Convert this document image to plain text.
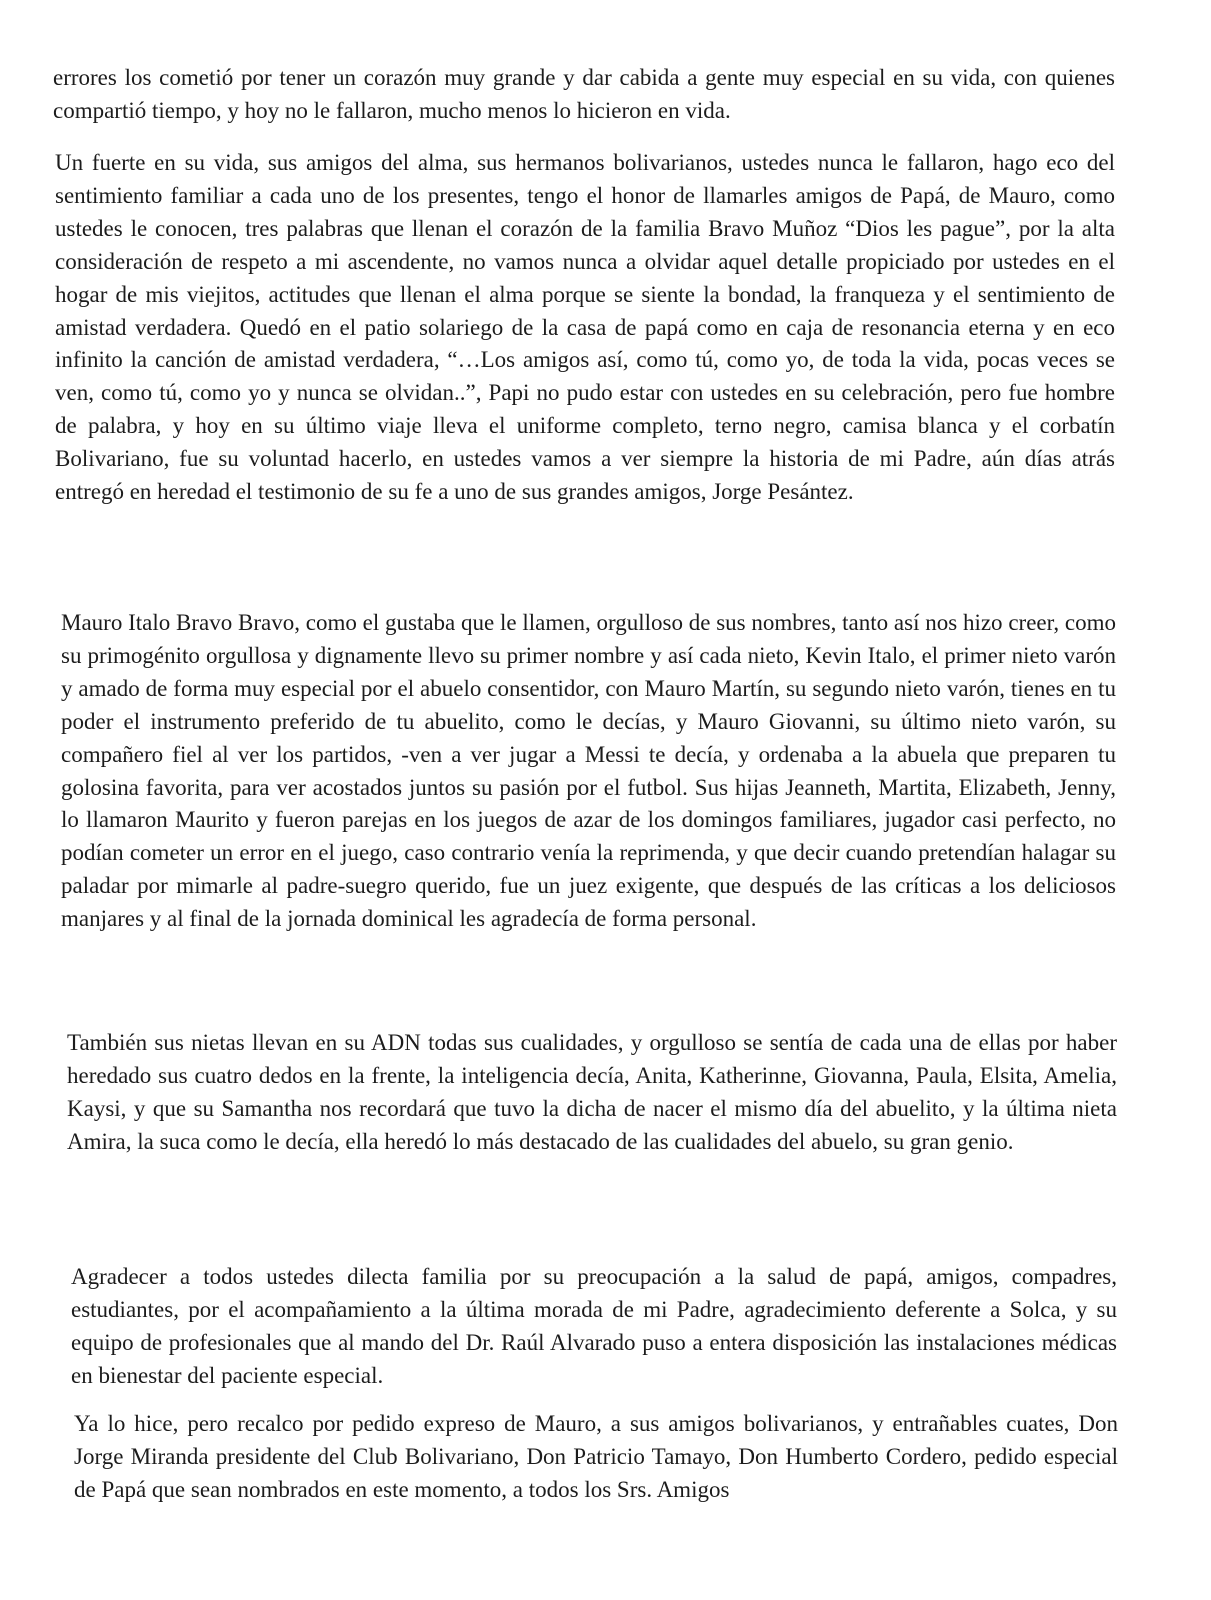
errores los cometió por tener un corazón muy grande y dar cabida a gente muy especial en su vida, con quienes compartió tiempo, y hoy no le fallaron, mucho menos lo hicieron en vida.

Un fuerte en su vida, sus amigos del alma, sus hermanos bolivarianos, ustedes nunca le fallaron, hago eco del sentimiento familiar a cada uno de los presentes, tengo el honor de llamarles amigos de Papá, de Mauro, como ustedes le conocen, tres palabras que llenan el corazón de la familia Bravo Muñoz “Dios les pague”, por la alta consideración de respeto a mi ascendente, no vamos nunca a olvidar aquel detalle propiciado por ustedes en el hogar de mis viejitos, actitudes que llenan el alma porque se siente la bondad, la franqueza y el sentimiento de amistad verdadera. Quedó en el patio solariego de la casa de papá como en caja de resonancia eterna y en eco infinito la canción de amistad verdadera, “…Los amigos así, como tú, como yo, de toda la vida, pocas veces se ven, como tú, como yo y nunca se olvidan..”, Papi no pudo estar con ustedes en su celebración, pero fue hombre de palabra, y hoy en su último viaje lleva el uniforme completo, terno negro, camisa blanca y el corbatín Bolivariano, fue su voluntad hacerlo, en ustedes vamos a ver siempre la historia de mi Padre, aún días atrás entregó en heredad el testimonio de su fe a uno de sus grandes amigos, Jorge Pesántez.

Mauro Italo Bravo Bravo, como el gustaba que le llamen, orgulloso de sus nombres, tanto así nos hizo creer, como su primogénito orgullosa y dignamente llevo su primer nombre y así cada nieto, Kevin Italo, el primer nieto varón y amado de forma muy especial por el abuelo consentidor, con Mauro Martín, su segundo nieto varón, tienes en tu poder el instrumento preferido de tu abuelito, como le decías, y Mauro Giovanni, su último nieto varón, su compañero fiel al ver los partidos, -ven a ver jugar a Messi te decía, y ordenaba a la abuela que preparen tu golosina favorita, para ver acostados juntos su pasión por el futbol. Sus hijas Jeanneth, Martita, Elizabeth, Jenny, lo llamaron Maurito y fueron parejas en los juegos de azar de los domingos familiares, jugador casi perfecto, no podían cometer un error en el juego, caso contrario venía la reprimenda, y que decir cuando pretendían halagar su paladar por mimarle al padre-suegro querido, fue un juez exigente, que después de las críticas a los deliciosos manjares y al final de la jornada dominical les agradecía de forma personal.

También sus nietas llevan en su ADN todas sus cualidades, y orgulloso se sentía de cada una de ellas por haber heredado sus cuatro dedos en la frente, la inteligencia decía, Anita, Katherinne, Giovanna, Paula, Elsita, Amelia, Kaysi, y que su Samantha nos recordará que tuvo la dicha de nacer el mismo día del abuelito, y la última nieta Amira, la suca como le decía, ella heredó lo más destacado de las cualidades del abuelo, su gran genio.

Agradecer a todos ustedes dilecta familia por su preocupación a la salud de papá, amigos, compadres, estudiantes, por el acompañamiento a la última morada de mi Padre, agradecimiento deferente a Solca, y su equipo de profesionales que al mando del Dr. Raúl Alvarado puso a entera disposición las instalaciones médicas en bienestar del paciente especial.

Ya lo hice, pero recalco por pedido expreso de Mauro, a sus amigos bolivarianos, y entrañables cuates, Don Jorge Miranda presidente del Club Bolivariano, Don Patricio Tamayo, Don Humberto Cordero, pedido especial de Papá que sean nombrados en este momento, a todos los Srs. Amigos
